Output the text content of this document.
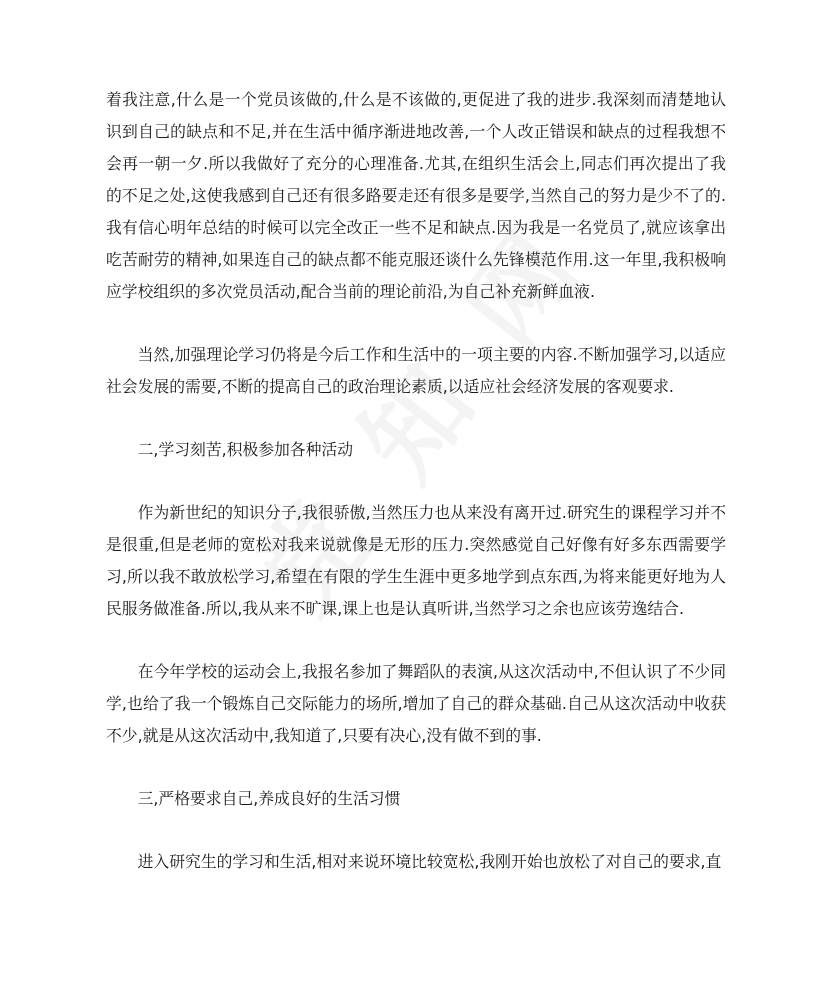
着我注意,什么是一个党员该做的,什么是不该做的,更促进了我的进步.我深刻而清楚地认识到自己的缺点和不足,并在生活中循序渐进地改善,一个人改正错误和缺点的过程我想不会再一朝一夕.所以我做好了充分的心理准备.尤其,在组织生活会上,同志们再次提出了我的不足之处,这使我感到自己还有很多路要走还有很多是要学,当然自己的努力是少不了的.我有信心明年总结的时候可以完全改正一些不足和缺点.因为我是一名党员了,就应该拿出吃苦耐劳的精神,如果连自己的缺点都不能克服还谈什么先锋模范作用.这一年里,我积极响应学校组织的多次党员活动,配合当前的理论前沿,为自己补充新鲜血液.

当然,加强理论学习仍将是今后工作和生活中的一项主要的内容.不断加强学习,以适应社会发展的需要,不断的提高自己的政治理论素质,以适应社会经济发展的客观要求.

二,学习刻苦,积极参加各种活动

作为新世纪的知识分子,我很骄傲,当然压力也从来没有离开过.研究生的课程学习并不是很重,但是老师的宽松对我来说就像是无形的压力.突然感觉自己好像有好多东西需要学习,所以我不敢放松学习,希望在有限的学生生涯中更多地学到点东西,为将来能更好地为人民服务做准备.所以,我从来不旷课,课上也是认真听讲,当然学习之余也应该劳逸结合.

在今年学校的运动会上,我报名参加了舞蹈队的表演,从这次活动中,不但认识了不少同学,也给了我一个锻炼自己交际能力的场所,增加了自己的群众基础.自己从这次活动中收获不少,就是从这次活动中,我知道了,只要有决心,没有做不到的事.

三,严格要求自己,养成良好的生活习惯

进入研究生的学习和生活,相对来说环境比较宽松,我刚开始也放松了对自己的要求,直
